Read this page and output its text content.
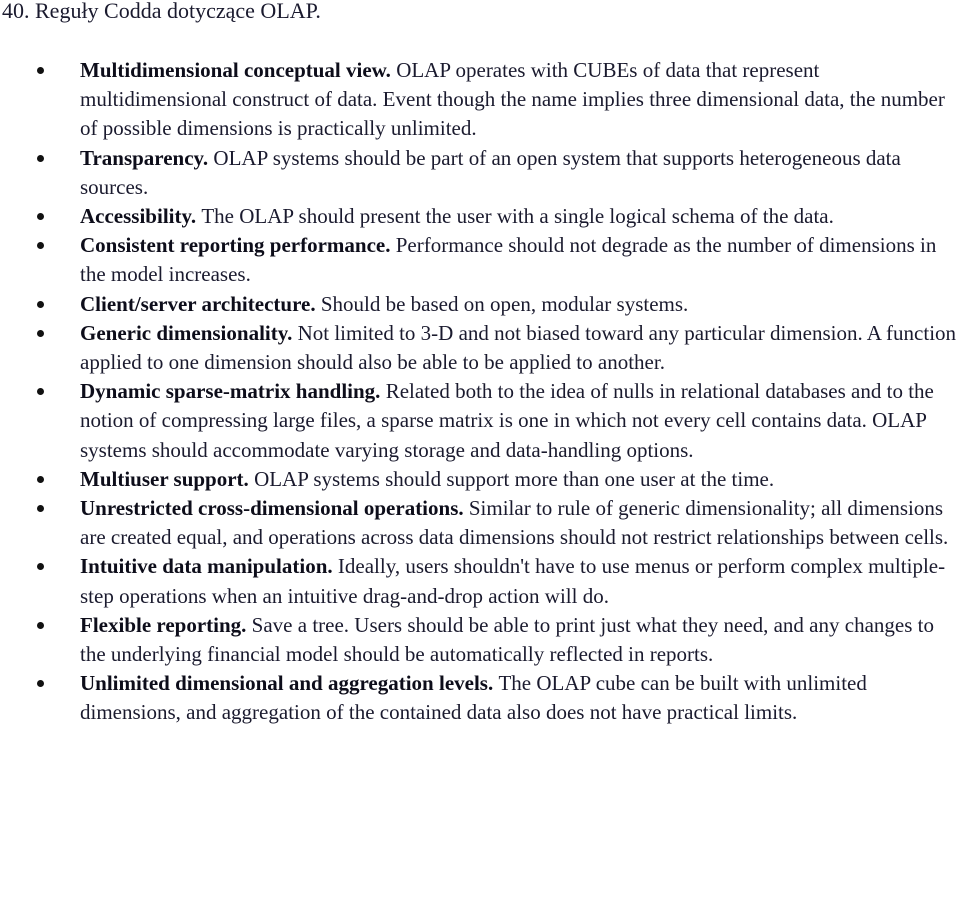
40. Reguły Codda dotyczące OLAP.
Multidimensional conceptual view. OLAP operates with CUBEs of data that represent multidimensional construct of data. Event though the name implies three dimensional data, the number of possible dimensions is practically unlimited.
Transparency. OLAP systems should be part of an open system that supports heterogeneous data sources.
Accessibility. The OLAP should present the user with a single logical schema of the data.
Consistent reporting performance. Performance should not degrade as the number of dimensions in the model increases.
Client/server architecture. Should be based on open, modular systems.
Generic dimensionality. Not limited to 3-D and not biased toward any particular dimension. A function applied to one dimension should also be able to be applied to another.
Dynamic sparse-matrix handling. Related both to the idea of nulls in relational databases and to the notion of compressing large files, a sparse matrix is one in which not every cell contains data. OLAP systems should accommodate varying storage and data-handling options.
Multiuser support. OLAP systems should support more than one user at the time.
Unrestricted cross-dimensional operations. Similar to rule of generic dimensionality; all dimensions are created equal, and operations across data dimensions should not restrict relationships between cells.
Intuitive data manipulation. Ideally, users shouldn't have to use menus or perform complex multiple-step operations when an intuitive drag-and-drop action will do.
Flexible reporting. Save a tree. Users should be able to print just what they need, and any changes to the underlying financial model should be automatically reflected in reports.
Unlimited dimensional and aggregation levels. The OLAP cube can be built with unlimited dimensions, and aggregation of the contained data also does not have practical limits.
